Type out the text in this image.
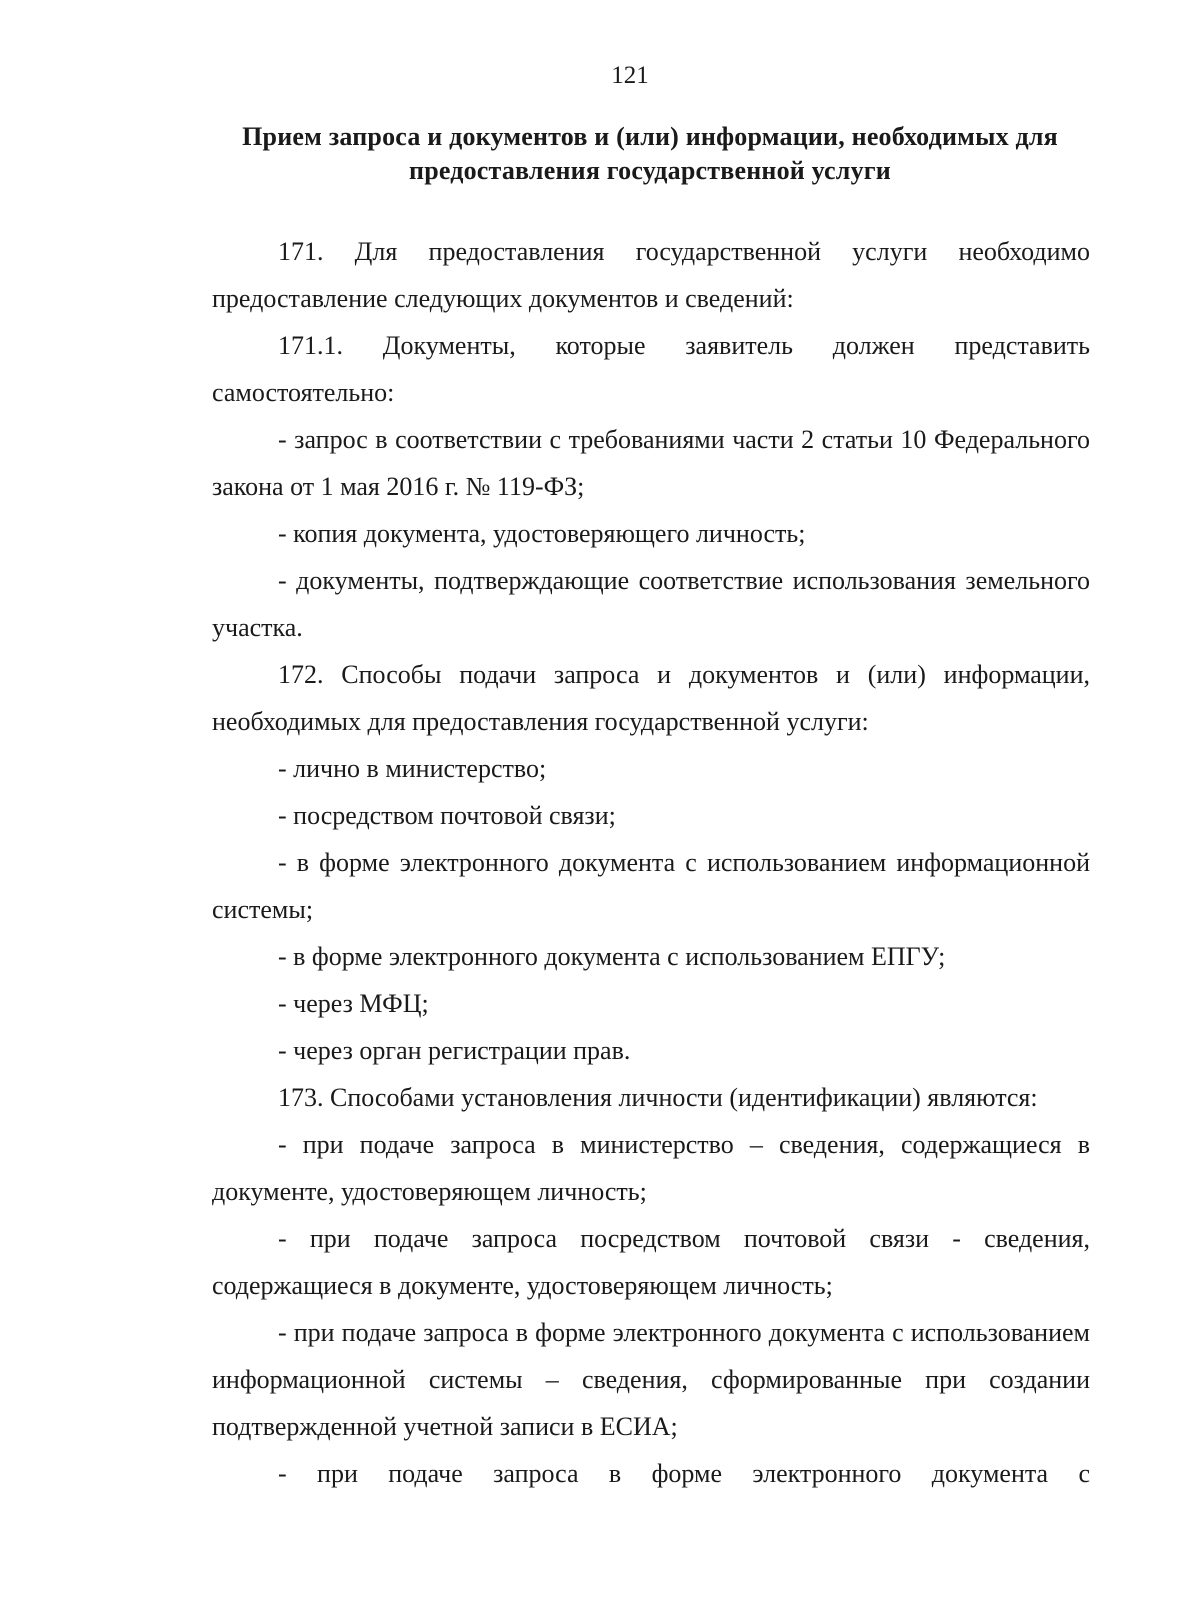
121
Прием запроса и документов и (или) информации, необходимых для предоставления государственной услуги

171. Для предоставления государственной услуги необходимо предоставление следующих документов и сведений:

171.1. Документы, которые заявитель должен представить самостоятельно:

- запрос в соответствии с требованиями части 2 статьи 10 Федерального закона от 1 мая 2016 г. № 119-ФЗ;

- копия документа, удостоверяющего личность;

- документы, подтверждающие соответствие использования земельного участка.

172. Способы подачи запроса и документов и (или) информации, необходимых для предоставления государственной услуги:

- лично в министерство;

- посредством почтовой связи;

- в форме электронного документа с использованием информационной системы;

- в форме электронного документа с использованием ЕПГУ;

- через МФЦ;

- через орган регистрации прав.

173. Способами установления личности (идентификации) являются:

- при подаче запроса в министерство – сведения, содержащиеся в документе, удостоверяющем личность;

- при подаче запроса посредством почтовой связи - сведения, содержащиеся в документе, удостоверяющем личность;

- при подаче запроса в форме электронного документа с использованием информационной системы – сведения, сформированные при создании подтвержденной учетной записи в ЕСИА;

- при подаче запроса в форме электронного документа с
